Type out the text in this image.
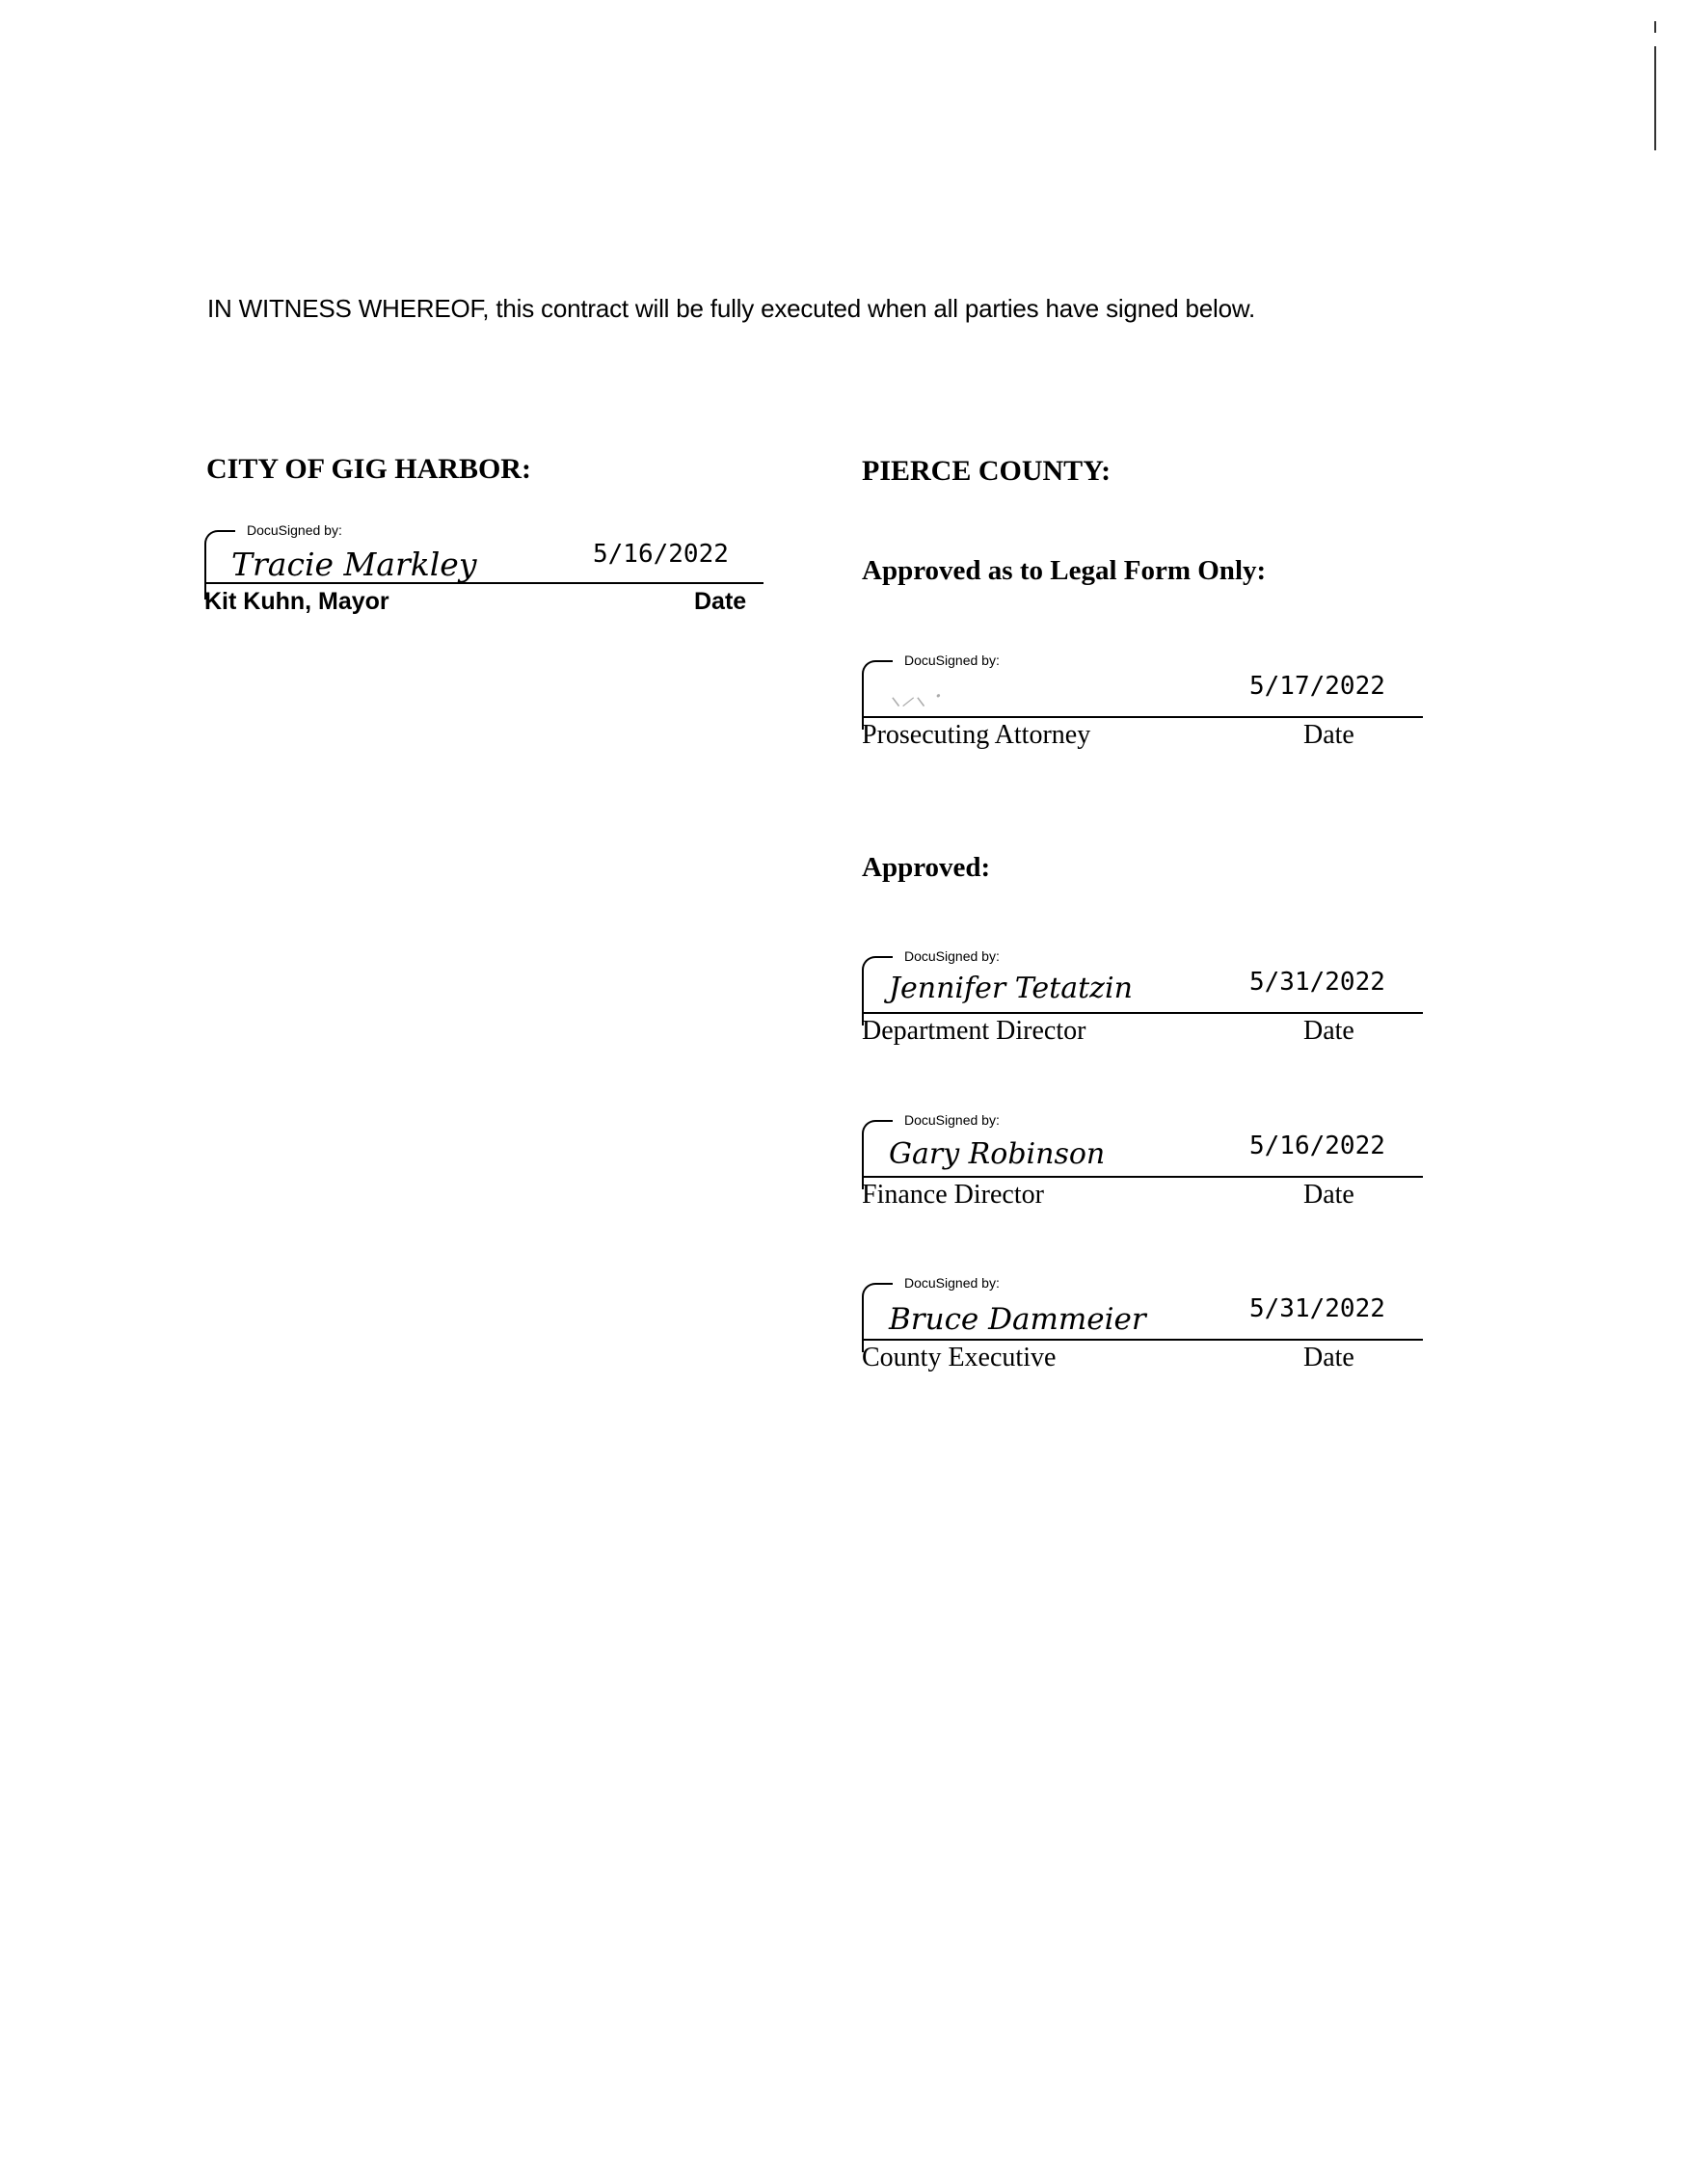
IN WITNESS WHEREOF, this contract will be fully executed when all parties have signed below.
CITY OF GIG HARBOR:
DocuSigned by:
Tracie Markley	5/16/2022
Kit Kuhn, Mayor	Date
PIERCE COUNTY:
Approved as to Legal Form Only:
DocuSigned by:
⸜⸝⸜ ·	5/17/2022
Prosecuting Attorney	Date
Approved:
DocuSigned by:
Jennifer Tetatzin	5/31/2022
Department Director	Date
DocuSigned by:
Gary Robinson	5/16/2022
Finance Director	Date
DocuSigned by:
Bruce Dammeier	5/31/2022
County Executive	Date
